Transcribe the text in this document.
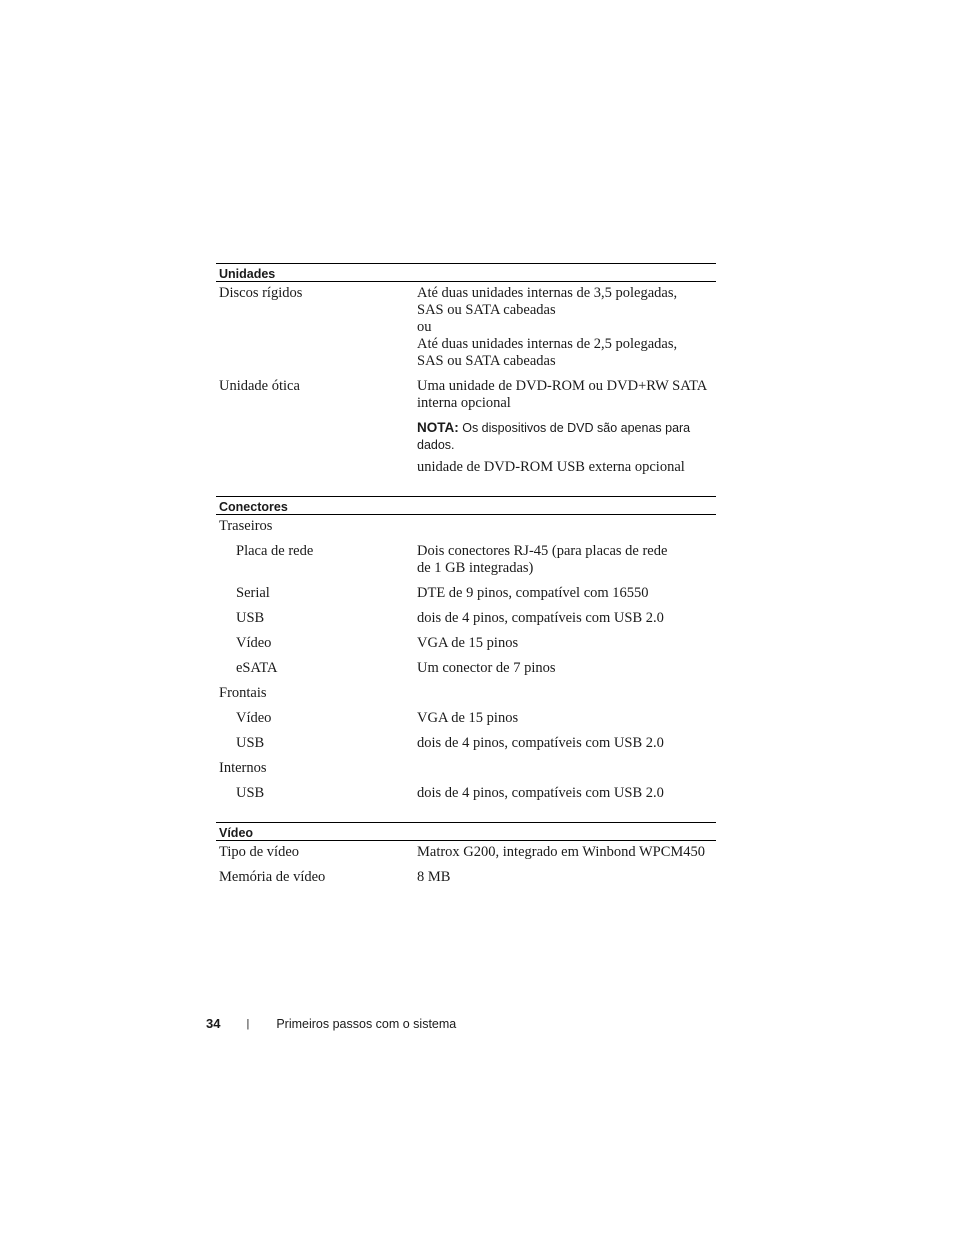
Unidades
Discos rígidos	Até duas unidades internas de 3,5 polegadas,
SAS ou SATA cabeadas
ou
Até duas unidades internas de 2,5 polegadas,
SAS ou SATA cabeadas
Unidade ótica	Uma unidade de DVD-ROM ou DVD+RW SATA
interna opcional
NOTA: Os dispositivos de DVD são apenas para dados.
unidade de DVD-ROM USB externa opcional
Conectores
Traseiros
Placa de rede	Dois conectores RJ-45 (para placas de rede
de 1 GB integradas)
Serial	DTE de 9 pinos, compatível com 16550
USB	dois de 4 pinos, compatíveis com USB 2.0
Vídeo	VGA de 15 pinos
eSATA	Um conector de 7 pinos
Frontais
Vídeo	VGA de 15 pinos
USB	dois de 4 pinos, compatíveis com USB 2.0
Internos
USB	dois de 4 pinos, compatíveis com USB 2.0
Vídeo
Tipo de vídeo	Matrox G200, integrado em Winbond WPCM450
Memória de vídeo	8 MB
34 | Primeiros passos com o sistema
